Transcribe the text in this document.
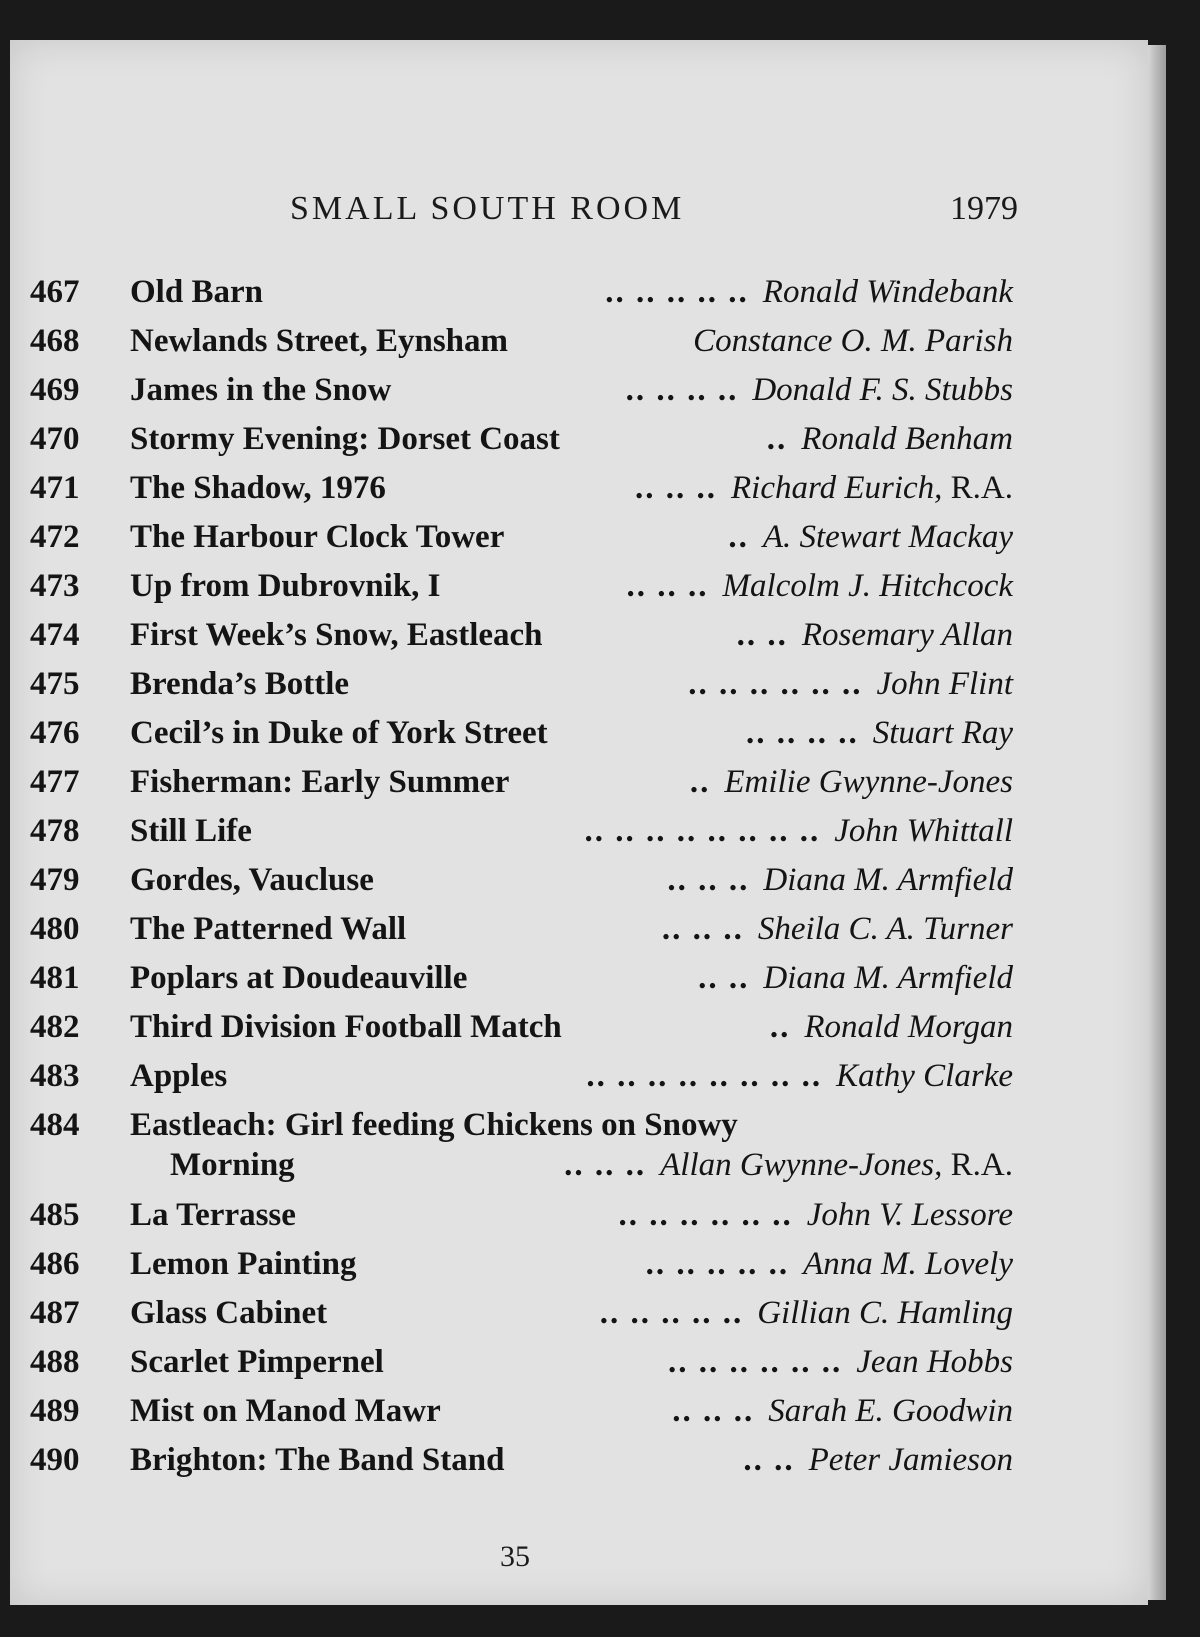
SMALL SOUTH ROOM	1979
467 Old Barn	Ronald Windebank
.. .. .. .. ..
468 Newlands Street, Eynsham	Constance O. M. Parish
469 James in the Snow	Donald F. S. Stubbs
.. .. .. ..
470 Stormy Evening: Dorset Coast	Ronald Benham
..
471 The Shadow, 1976	Richard Eurich, R.A.
.. .. ..
472 The Harbour Clock Tower	A. Stewart Mackay
..
473 Up from Dubrovnik, I	Malcolm J. Hitchcock
.. .. ..
474 First Week’s Snow, Eastleach	Rosemary Allan
.. ..
475 Brenda’s Bottle	John Flint
.. .. .. .. .. ..
476 Cecil’s in Duke of York Street	Stuart Ray
.. .. .. ..
477 Fisherman: Early Summer	Emilie Gwynne-Jones
..
478 Still Life	John Whittall
.. .. .. .. .. .. .. ..
479 Gordes, Vaucluse	Diana M. Armfield
.. .. ..
480 The Patterned Wall	Sheila C. A. Turner
.. .. ..
481 Poplars at Doudeauville	Diana M. Armfield
.. ..
482 Third Division Football Match	Ronald Morgan
..
483 Apples	Kathy Clarke
.. .. .. .. .. .. .. ..
484 Eastleach: Girl feeding Chickens on Snowy
Morning	Allan Gwynne-Jones, R.A.
.. .. ..
485 La Terrasse	John V. Lessore
.. .. .. .. .. ..
486 Lemon Painting	Anna M. Lovely
.. .. .. .. ..
487 Glass Cabinet	Gillian C. Hamling
.. .. .. .. ..
488 Scarlet Pimpernel	Jean Hobbs
.. .. .. .. .. ..
489 Mist on Manod Mawr	Sarah E. Goodwin
.. .. ..
490 Brighton: The Band Stand	Peter Jamieson
.. ..
35
